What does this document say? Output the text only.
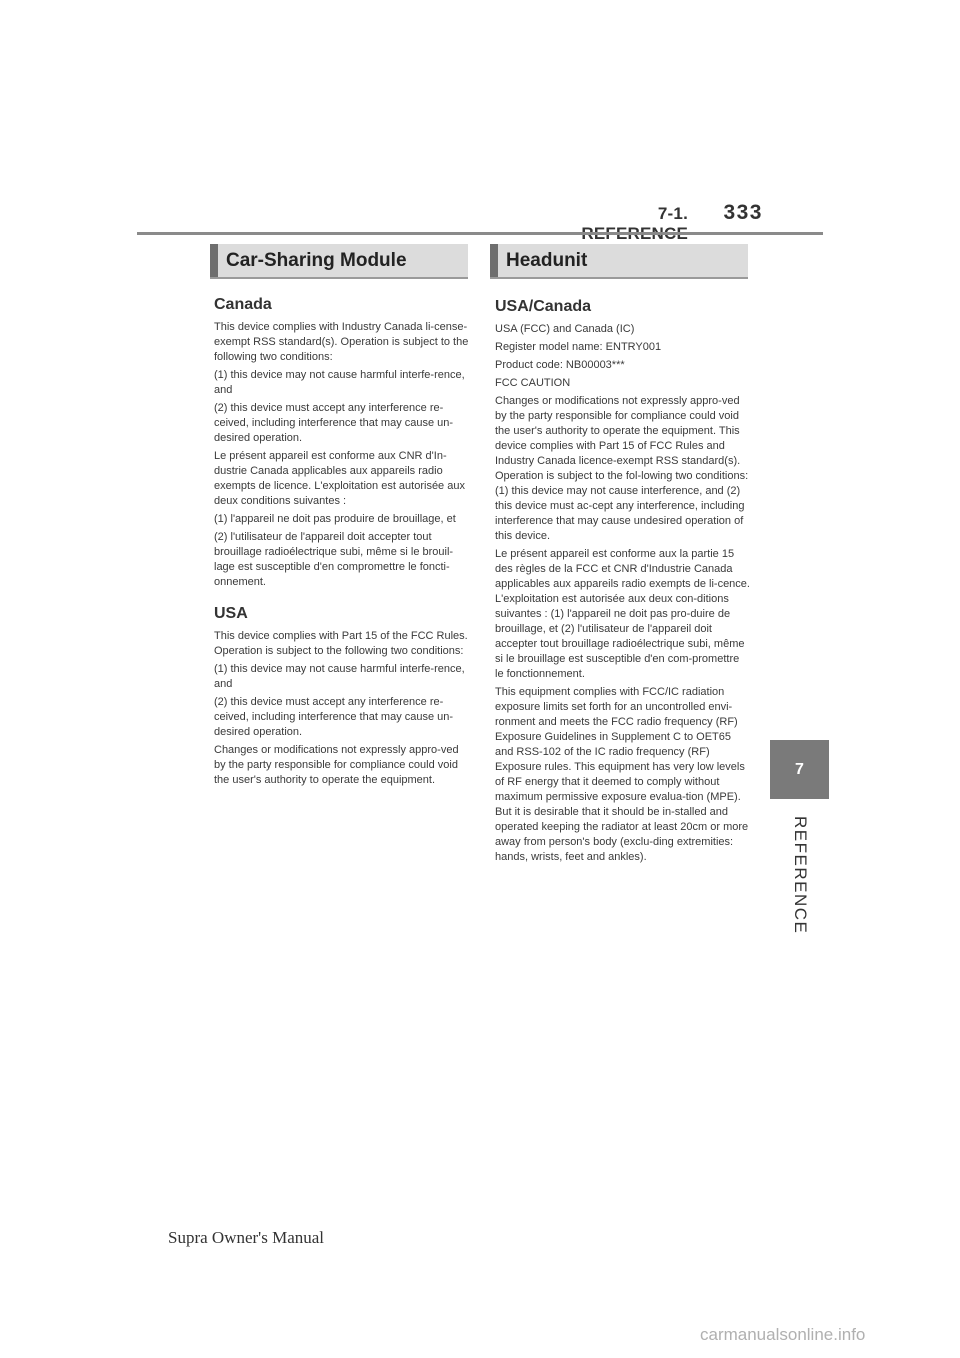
7-1.	333
Car-Sharing Module	Headunit
Canada

This device complies with Industry Canada li-cense-exempt RSS standard(s). Operation is subject to the following two conditions:

(1) this device may not cause harmful interfe-rence, and

(2) this device must accept any interference re-ceived, including interference that may cause un-desired operation.

Le présent appareil est conforme aux CNR d'In-dustrie Canada applicables aux appareils radio exempts de licence. L'exploitation est autorisée aux deux conditions suivantes :

(1) l'appareil ne doit pas produire de brouillage, et

(2) l'utilisateur de l'appareil doit accepter tout brouillage radioélectrique subi, même si le brouil-lage est susceptible d'en compromettre le foncti-onnement.

USA

This device complies with Part 15 of the FCC Rules. Operation is subject to the following two conditions:

(1) this device may not cause harmful interfe-rence, and

(2) this device must accept any interference re-ceived, including interference that may cause un-desired operation.

Changes or modifications not expressly appro-ved by the party responsible for compliance could void the user's authority to operate the equipment.

USA/Canada

USA (FCC) and Canada (IC)

Register model name: ENTRY001

Product code: NB00003***

FCC CAUTION

Changes or modifications not expressly appro-ved by the party responsible for compliance could void the user's authority to operate the equipment. This device complies with Part 15 of FCC Rules and Industry Canada licence-exempt RSS standard(s). Operation is subject to the fol-lowing two conditions: (1) this device may not cause interference, and (2) this device must ac-cept any interference, including interference that may cause undesired operation of this device.

Le présent appareil est conforme aux la partie 15 des règles de la FCC et CNR d'Industrie Canada applicables aux appareils radio exempts de li-cence. L'exploitation est autorisée aux deux con-ditions suivantes : (1) l'appareil ne doit pas pro-duire de brouillage, et (2) l'utilisateur de l'appareil doit accepter tout brouillage radioélectrique subi, même si le brouillage est susceptible d'en com-promettre le fonctionnement.

This equipment complies with FCC/IC radiation exposure limits set forth for an uncontrolled envi-ronment and meets the FCC radio frequency (RF) Exposure Guidelines in Supplement C to OET65 and RSS-102 of the IC radio frequency (RF) Exposure rules. This equipment has very low levels of RF energy that it deemed to comply without maximum permissive exposure evalua-tion (MPE). But it is desirable that it should be in-stalled and operated keeping the radiator at least 20cm or more away from person's body (exclu-ding extremities: hands, wrists, feet and ankles).

7
REFERENCE
Supra Owner's Manual
carmanualsonline.info
